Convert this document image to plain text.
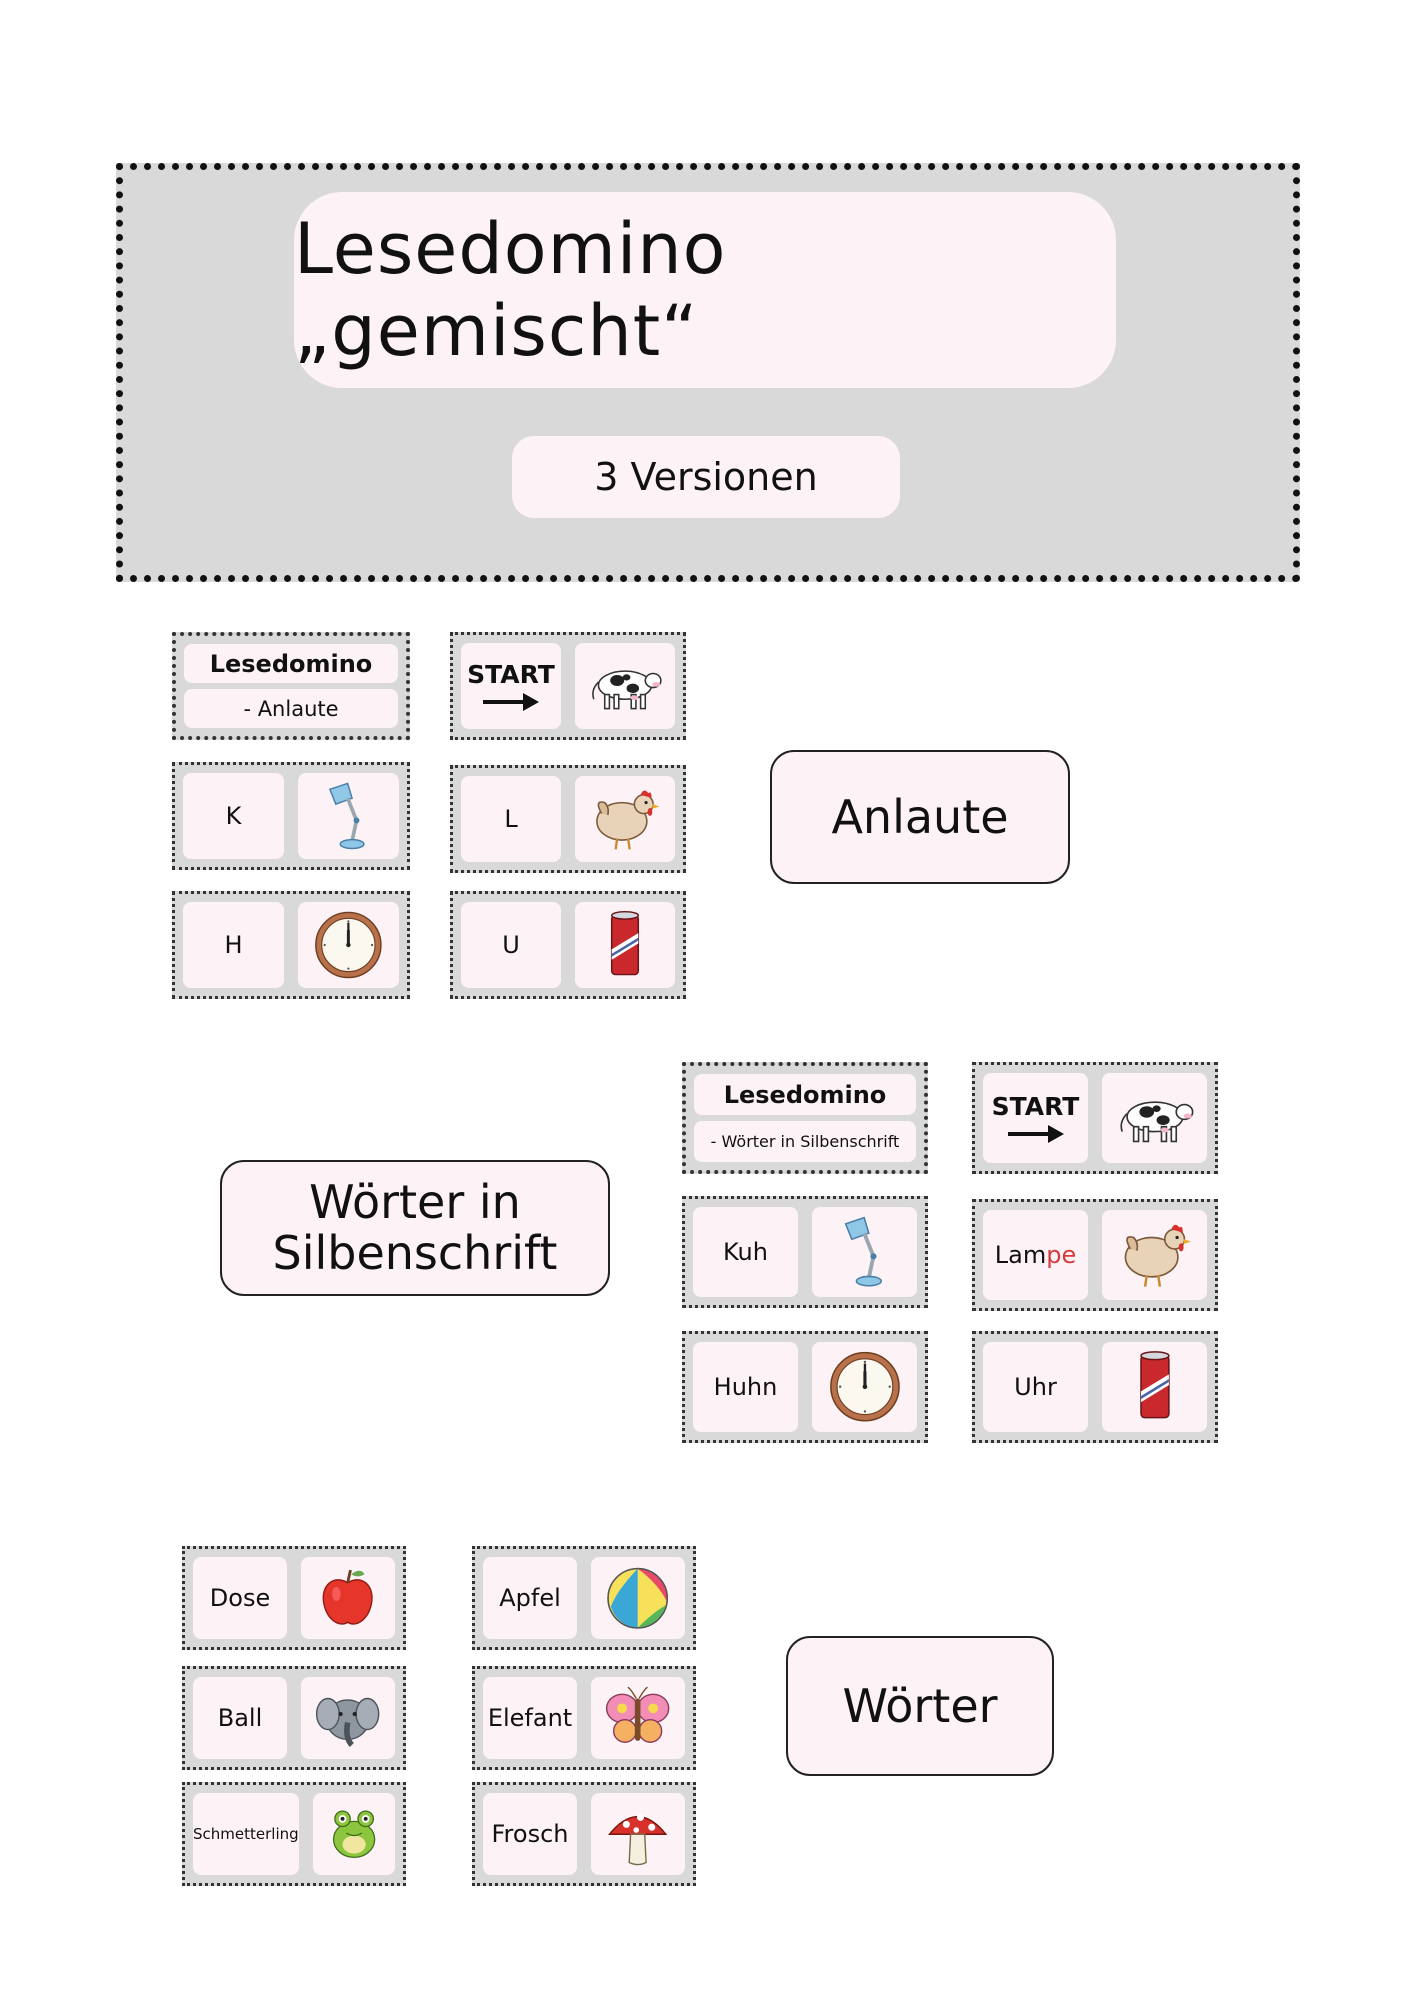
Lesedomino „gemischt“
3 Versionen
Lesedomino
- Anlaute
START
K	L
H	U
Anlaute
Wörter in
Silbenschrift
Lesedomino
- Wörter in Silbenschrift
START
Kuh	Lam pe
Huhn	Uhr
Dose	Apfel
Ball	Elefant
Schmetterling	Frosch
Wörter
